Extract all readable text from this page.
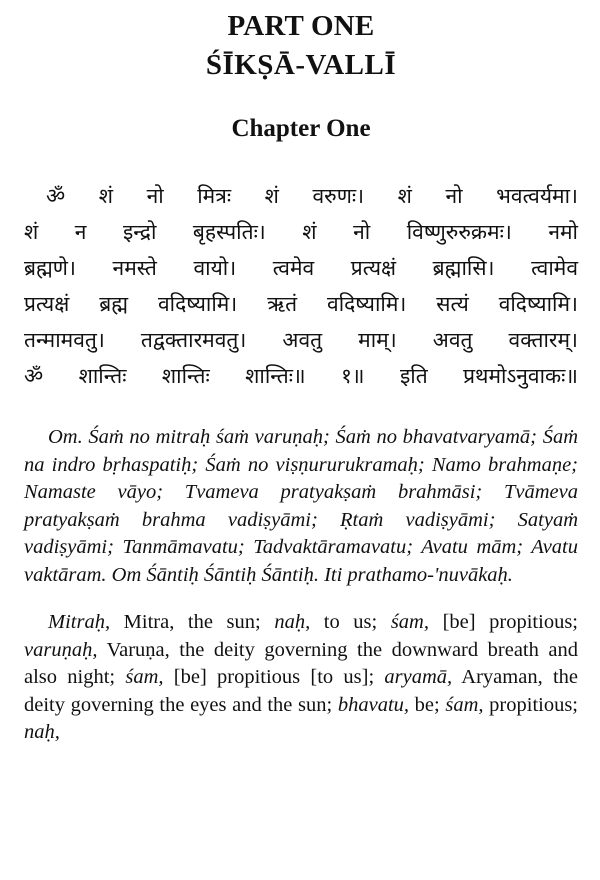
PART ONE
ŚĪKṢĀ-VALLĪ
Chapter One
ॐ शं नो मित्रः शं वरुणः। शं नो भवत्वर्यमा।
शं न इन्द्रो बृहस्पतिः। शं नो विष्णुरुरुक्रमः। नमो
ब्रह्मणे। नमस्ते वायो। त्वमेव प्रत्यक्षं ब्रह्मासि। त्वामेव
प्रत्यक्षं ब्रह्म वदिष्यामि। ऋतं वदिष्यामि। सत्यं वदिष्यामि।
तन्मामवतु। तद्वक्तारमवतु। अवतु माम्। अवतु वक्तारम्।
ॐ शान्तिः शान्तिः शान्तिः॥ १॥ इति प्रथमोऽनुवाकः॥

Om. Śaṁ no mitraḥ śaṁ varuṇaḥ; Śaṁ no bhavatvaryamā; Śaṁ na indro bṛhaspatiḥ; Śaṁ no viṣṇururukramaḥ; Namo brahmaṇe; Namaste vāyo; Tvameva pratyakṣaṁ brahmāsi; Tvāmeva pratyakṣaṁ brahma vadiṣyāmi; Ṛtaṁ vadiṣyāmi; Satyaṁ vadiṣyāmi; Tanmāmavatu; Tadvaktāramavatu; Avatu mām; Avatu vaktāram. Om Śāntiḥ Śāntiḥ Śāntiḥ. Iti prathamo-'nuvākaḥ.

Mitraḥ, Mitra, the sun; naḥ, to us; śam, [be] propitious; varuṇaḥ, Varuṇa, the deity governing the downward breath and also night; śam, [be] propitious [to us]; aryamā, Aryaman, the deity governing the eyes and the sun; bhavatu, be; śam, propitious; naḥ,
